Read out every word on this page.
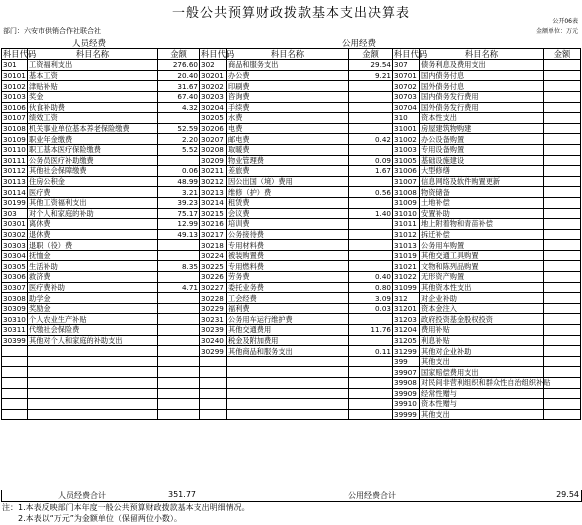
一般公共预算财政拨款基本支出决算表
公开06表
部门：六安市供销合作社联合社	金额单位：万元
人员经费	公用经费
科目代码	科目名称	金额	科目代码	科目名称	金额	科目代码	科目名称	金额
301	工资福利支出	276.60	302	商品和服务支出	29.54	307	债务利息及费用支出	
30101	基本工资	20.40	30201	办公费	9.21	30701	国内债务付息	
30102	津贴补贴	31.67	30202	印刷费		30702	国外债务付息	
30103	奖金	67.40	30203	咨询费		30703	国内债务发行费用	
30106	伙食补助费	4.32	30204	手续费		30704	国外债务发行费用	
30107	绩效工资		30205	水费		310	资本性支出	
30108	机关事业单位基本养老保险缴费	52.59	30206	电费		31001	房屋建筑物购建	
30109	职业年金缴费	2.20	30207	邮电费	0.42	31002	办公设备购置	
30110	职工基本医疗保险缴费	5.52	30208	取暖费		31003	专用设备购置	
30111	公务员医疗补助缴费		30209	物业管理费	0.09	31005	基础设施建设	
30112	其他社会保障缴费	0.06	30211	差旅费	1.67	31006	大型修缮	
30113	住房公积金	48.99	30212	因公出国（境）费用		31007	信息网络及软件购置更新	
30114	医疗费	3.21	30213	维修（护）费	0.56	31008	物资储备	
30199	其他工资福利支出	39.23	30214	租赁费		31009	土地补偿	
303	对个人和家庭的补助	75.17	30215	会议费	1.40	31010	安置补助	
30301	离休费	12.99	30216	培训费		31011	地上附着物和青苗补偿	
30302	退休费	49.13	30217	公务接待费		31012	拆迁补偿	
30303	退职（役）费		30218	专用材料费		31013	公务用车购置	
30304	抚恤金		30224	被装购置费		31019	其他交通工具购置	
30305	生活补助	8.35	30225	专用燃料费		31021	文物和陈列品购置	
30306	救济费		30226	劳务费	0.40	31022	无形资产购置	
30307	医疗费补助	4.71	30227	委托业务费	0.80	31099	其他资本性支出	
30308	助学金		30228	工会经费	3.09	312	对企业补助	
30309	奖励金		30229	福利费	0.03	31201	资本金注入	
30310	个人农业生产补贴		30231	公务用车运行维护费		31203	政府投资基金股权投资	
30311	代缴社会保险费		30239	其他交通费用	11.76	31204	费用补贴	
30399	其他对个人和家庭的补助支出		30240	税金及附加费用		31205	利息补贴	
			30299	其他商品和服务支出	0.11	31299	其他对企业补助	
						399	其他支出	
						39907	国家赔偿费用支出	
						39908	对民间非营利组织和群众性自治组织补贴	
						39909	经常性赠与	
						39910	资本性赠与	
						39999	其他支出	
人员经费合计	351.77	公用经费合计	29.54
注：1.本表反映部门本年度一般公共预算财政拨款基本支出明细情况。
　　2.本表以“万元”为金额单位（保留两位小数）。
